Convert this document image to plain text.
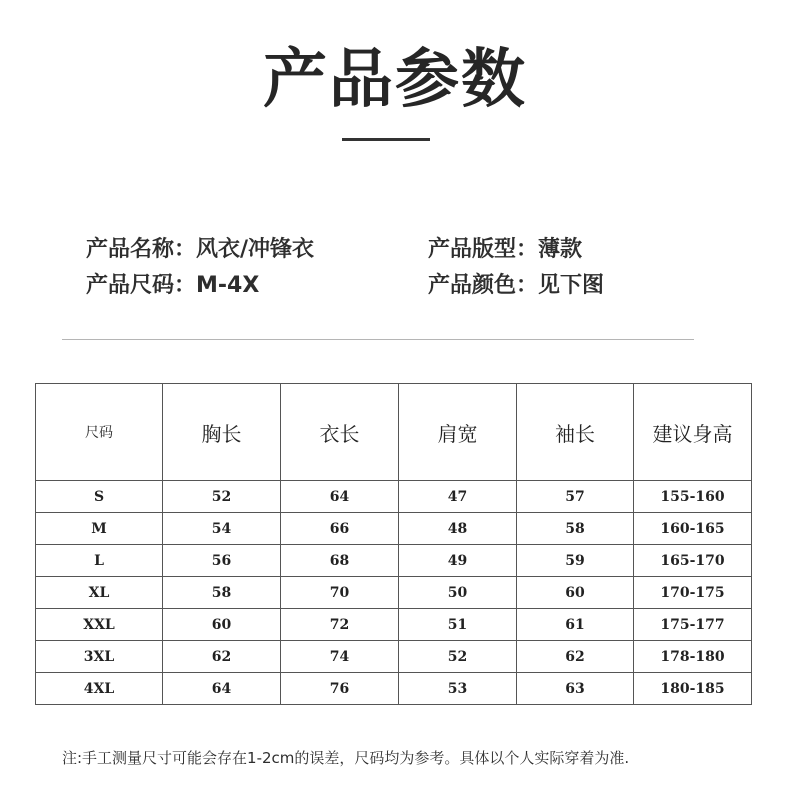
产品参数
产品名称：风衣/冲锋衣	产品版型：薄款
产品尺码：M-4X	产品颜色：见下图
尺码	胸长	衣长	肩宽	袖长	建议身高
S	52	64	47	57	155-160
M	54	66	48	58	160-165
L	56	68	49	59	165-170
XL	58	70	50	60	170-175
XXL	60	72	51	61	175-177
3XL	62	74	52	62	178-180
4XL	64	76	53	63	180-185
注:手工测量尺寸可能会存在1-2cm的误差，尺码均为参考。具体以个人实际穿着为准.
